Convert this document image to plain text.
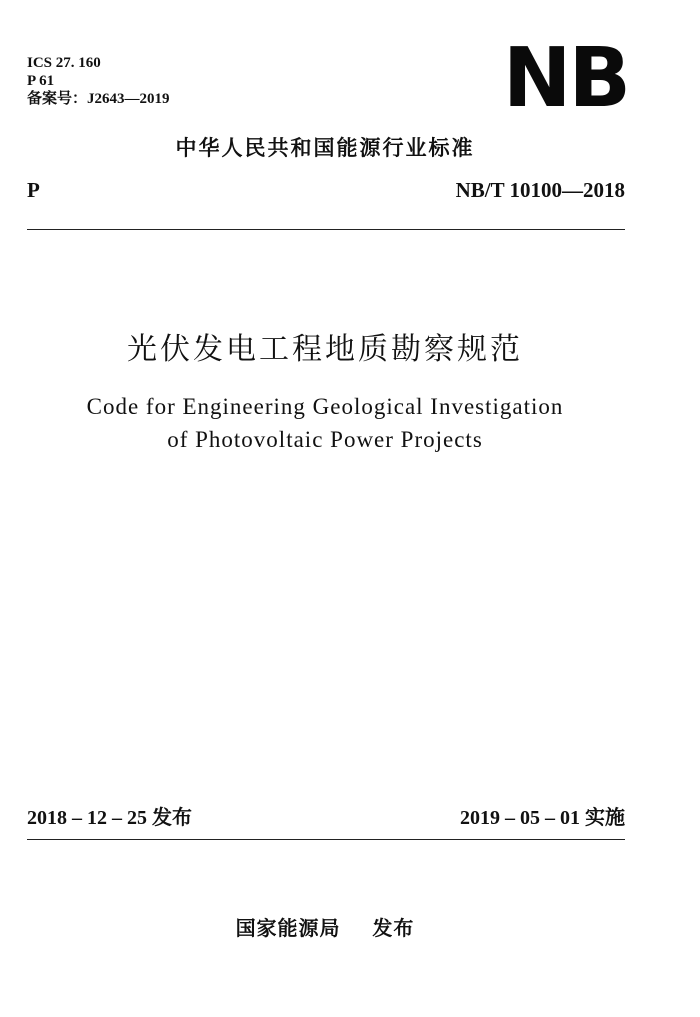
ICS 27. 160
P 61
备案号：J2643—2019	NB
中华人民共和国能源行业标准
P	NB/T 10100—2018
光伏发电工程地质勘察规范
Code for Engineering Geological Investigation
of Photovoltaic Power Projects
2018 – 12 – 25 发布	2019 – 05 – 01 实施
国家能源局    发布
